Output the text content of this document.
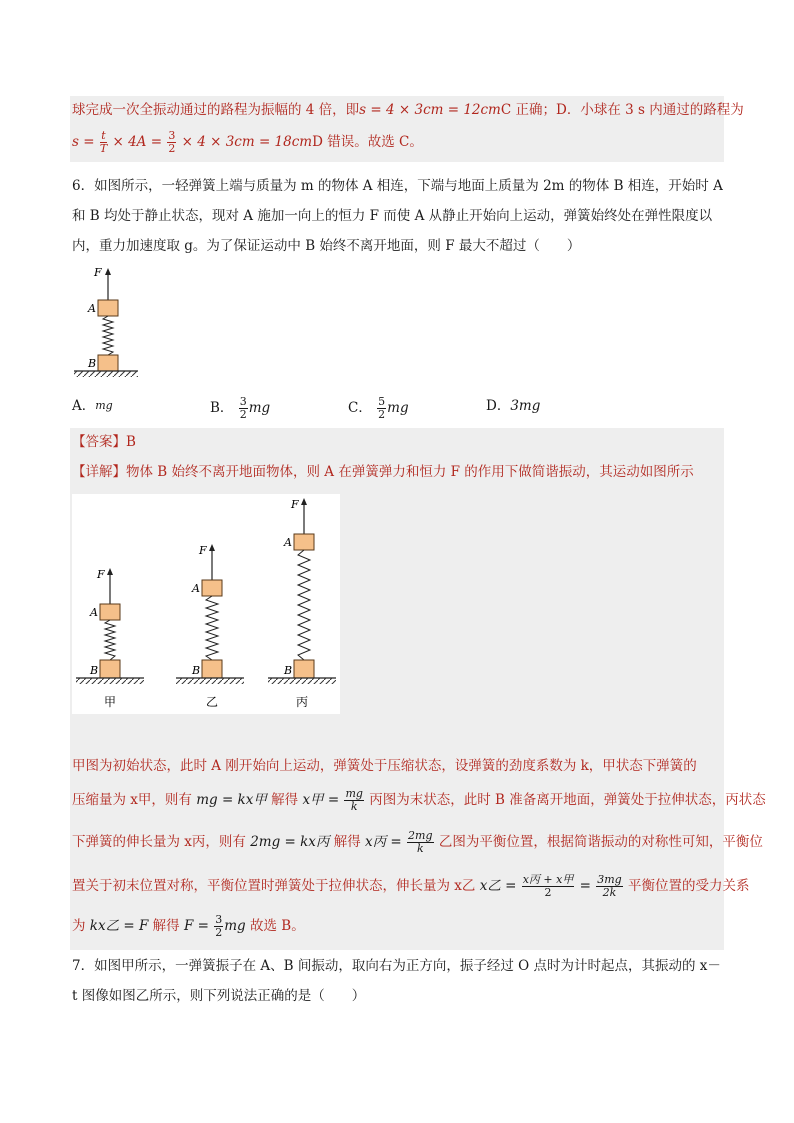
球完成一次全振动通过的路程为振幅的 4 倍，即s = 4 × 3cm = 12cmC 正确；D．小球在 3 s 内通过的路程为
$s = \frac{t}{T} \times 4A = \frac{3}{2} \times 4 \times 3cm = 18cmD$ 错误。故选 C。
6．如图所示，一轻弹簧上端与质量为 m 的物体 A 相连，下端与地面上质量为 2m 的物体 B 相连，开始时 A
和 B 均处于静止状态，现对 A 施加一向上的恒力 F 而使 A 从静止开始向上运动，弹簧始终处在弹性限度以
内，重力加速度取 g。为了保证运动中 B 始终不离开地面，则 F 最大不超过（　　）
F
A
B
A．$^{mg}$	B． $\frac{3}{2}$ mg	C． $\frac{5}{2}$ mg	D．3mg
【答案】B
【详解】物体 B 始终不离开地面物体，则 A 在弹簧弹力和恒力 F 的作用下做简谐振动，其运动如图所示
F
A
B
甲
F
A
B
乙
F
A
B
丙
甲图为初始状态，此时 A 刚开始向上运动，弹簧处于压缩状态，设弹簧的劲度系数为 k，甲状态下弹簧的
压缩量为 x甲，则有 mg = kx甲 解得 x甲 = $\frac{mg}{k}$ 丙图为末状态，此时 B 准备离开地面，弹簧处于拉伸状态，丙状态
下弹簧的伸长量为 x丙，则有 2mg = kx丙 解得 x丙 = $\frac{2mg}{k}$ 乙图为平衡位置，根据简谐振动的对称性可知，平衡位
置关于初末位置对称，平衡位置时弹簧处于拉伸状态，伸长量为 x乙 x乙 = $\frac{\text{x丙 + x甲}}{2} = \frac{3mg}{2k}$ 平衡位置的受力关系
为 kx乙 = F 解得 $F = \frac{3}{2}$ mg 故选 B。
7．如图甲所示，一弹簧振子在 A、B 间振动，取向右为正方向，振子经过 O 点时为计时起点，其振动的 x－
t 图像如图乙所示，则下列说法正确的是（　　）
